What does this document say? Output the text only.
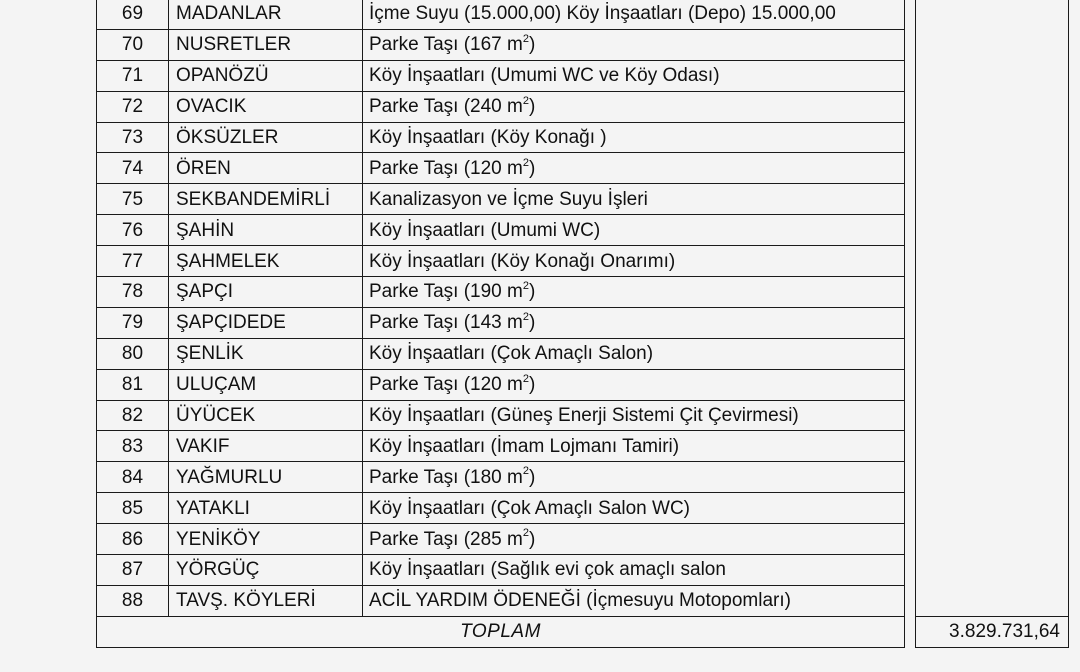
69	MADANLAR	İçme Suyu (15.000,00) Köy İnşaatları (Depo) 15.000,00		
70	NUSRETLER	Parke Taşı (167 $m^2$)		
71	OPANÖZÜ	Köy İnşaatları (Umumi WC ve Köy Odası)		
72	OVACIK	Parke Taşı (240 $m^2$)		
73	ÖKSÜZLER	Köy İnşaatları (Köy Konağı )		
74	ÖREN	Parke Taşı (120 $m^2$)		
75	SEKBANDEMİRLİ	Kanalizasyon ve İçme Suyu İşleri		
76	ŞAHİN	Köy İnşaatları (Umumi WC)		
77	ŞAHMELEK	Köy İnşaatları (Köy Konağı Onarımı)		
78	ŞAPÇI	Parke Taşı (190 $m^2$)		
79	ŞAPÇIDEDE	Parke Taşı (143 $m^2$)		
80	ŞENLİK	Köy İnşaatları (Çok Amaçlı Salon)		
81	ULUÇAM	Parke Taşı (120 $m^2$)		
82	ÜYÜCEK	Köy İnşaatları (Güneş Enerji Sistemi Çit Çevirmesi)		
83	VAKIF	Köy İnşaatları (İmam Lojmanı Tamiri)		
84	YAĞMURLU	Parke Taşı (180 $m^2$)		
85	YATAKLI	Köy İnşaatları (Çok Amaçlı Salon WC)		
86	YENİKÖY	Parke Taşı (285 $m^2$)		
87	YÖRGÜÇ	Köy İnşaatları (Sağlık evi çok amaçlı salon		
88	TAVŞ. KÖYLERİ	ACİL YARDIM ÖDENEĞİ (İçmesuyu Motopomları)		
TOPLAM				3.829.731,64
